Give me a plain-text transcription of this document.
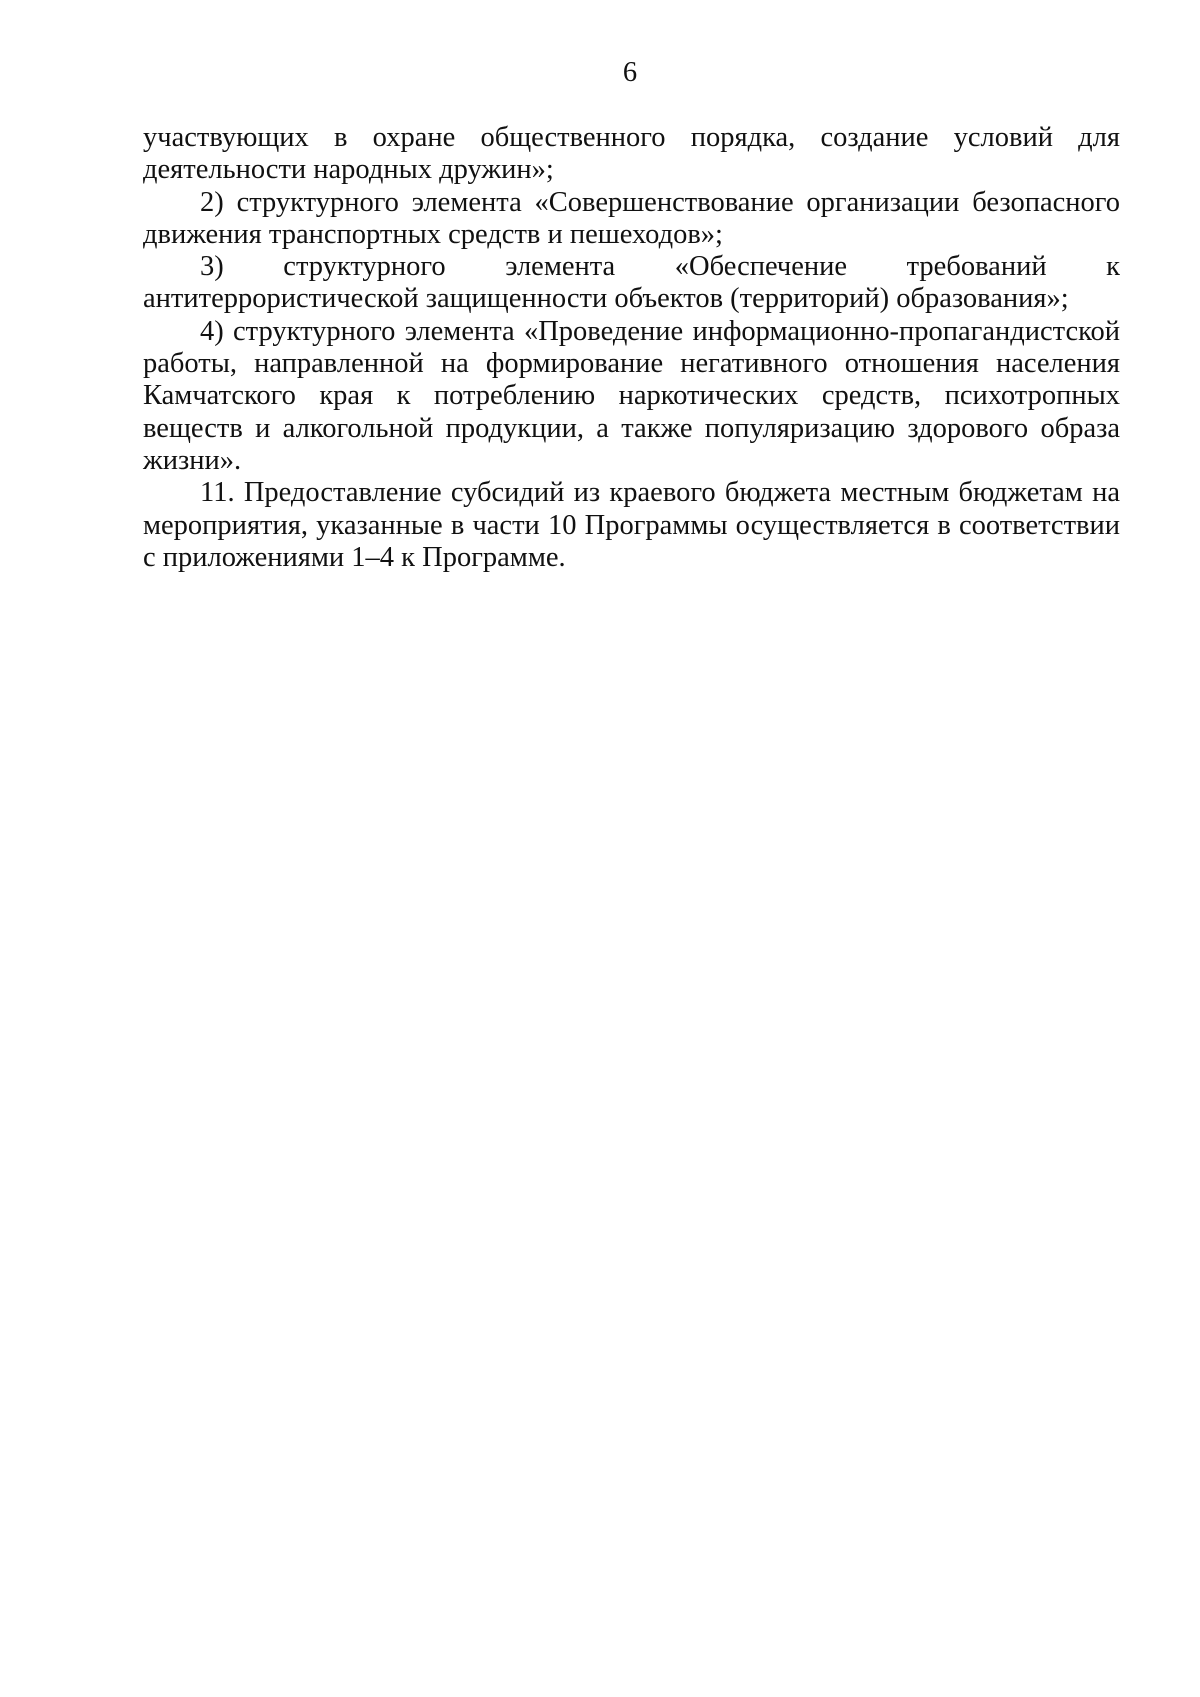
6

участвующих в охране общественного порядка, создание условий для деятельности народных дружин»;

2) структурного элемента «Совершенствование организации безопасного движения транспортных средств и пешеходов»;

3) структурного элемента «Обеспечение требований к антитеррористической защищенности объектов (территорий) образования»;

4) структурного элемента «Проведение информационно-пропагандистской работы, направленной на формирование негативного отношения населения Камчатского края к потреблению наркотических средств, психотропных веществ и алкогольной продукции, а также популяризацию здорового образа жизни».

11. Предоставление субсидий из краевого бюджета местным бюджетам на мероприятия, указанные в части 10 Программы осуществляется в соответствии с приложениями 1–4 к Программе.
